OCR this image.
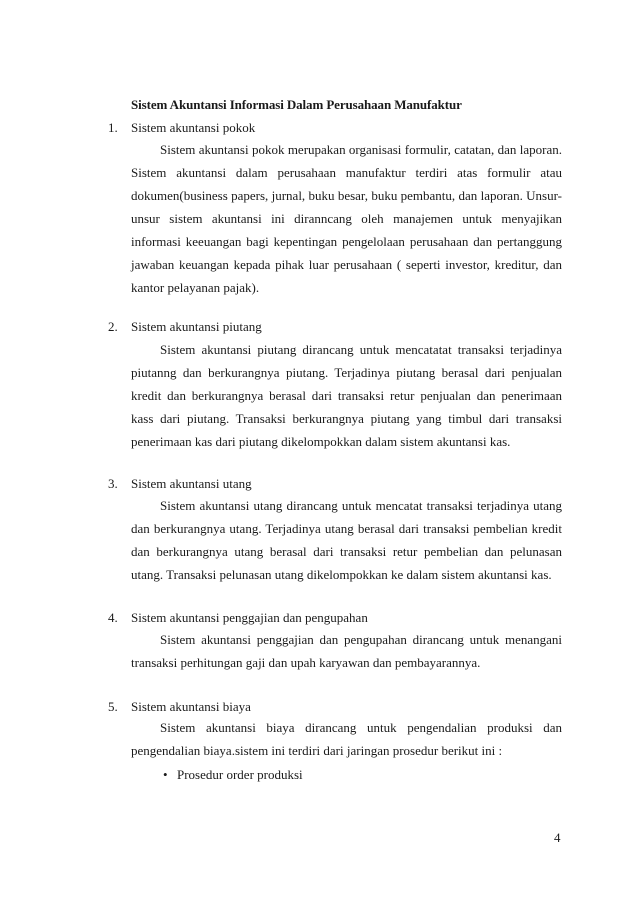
Sistem Akuntansi Informasi Dalam Perusahaan Manufaktur
1. Sistem akuntansi pokok

Sistem akuntansi pokok merupakan organisasi formulir, catatan, dan laporan. Sistem akuntansi dalam perusahaan manufaktur terdiri atas formulir atau dokumen(business papers, jurnal, buku besar, buku pembantu, dan laporan. Unsur-unsur sistem akuntansi ini diranncang oleh manajemen untuk menyajikan informasi keeuangan bagi kepentingan pengelolaan perusahaan dan pertanggung jawaban keuangan kepada pihak luar perusahaan ( seperti investor, kreditur, dan kantor pelayanan pajak).

2. Sistem akuntansi piutang

Sistem akuntansi piutang dirancang untuk mencatatat transaksi terjadinya piutanng dan berkurangnya piutang. Terjadinya piutang berasal dari penjualan kredit dan berkurangnya berasal dari transaksi retur penjualan dan penerimaan kass dari piutang. Transaksi berkurangnya piutang yang timbul dari transaksi penerimaan kas dari piutang dikelompokkan dalam sistem akuntansi kas.

3. Sistem akuntansi utang

Sistem akuntansi utang dirancang untuk mencatat transaksi terjadinya utang dan berkurangnya utang. Terjadinya utang berasal dari transaksi pembelian kredit dan berkurangnya utang berasal dari transaksi retur pembelian dan pelunasan utang. Transaksi pelunasan utang dikelompokkan ke dalam sistem akuntansi kas.

4. Sistem akuntansi penggajian dan pengupahan

Sistem akuntansi penggajian dan pengupahan dirancang untuk menangani transaksi perhitungan gaji dan upah karyawan dan pembayarannya.

5. Sistem akuntansi biaya

Sistem akuntansi biaya dirancang untuk pengendalian produksi dan pengendalian biaya.sistem ini terdiri dari jaringan prosedur berikut ini :

• Prosedur order produksi
4
